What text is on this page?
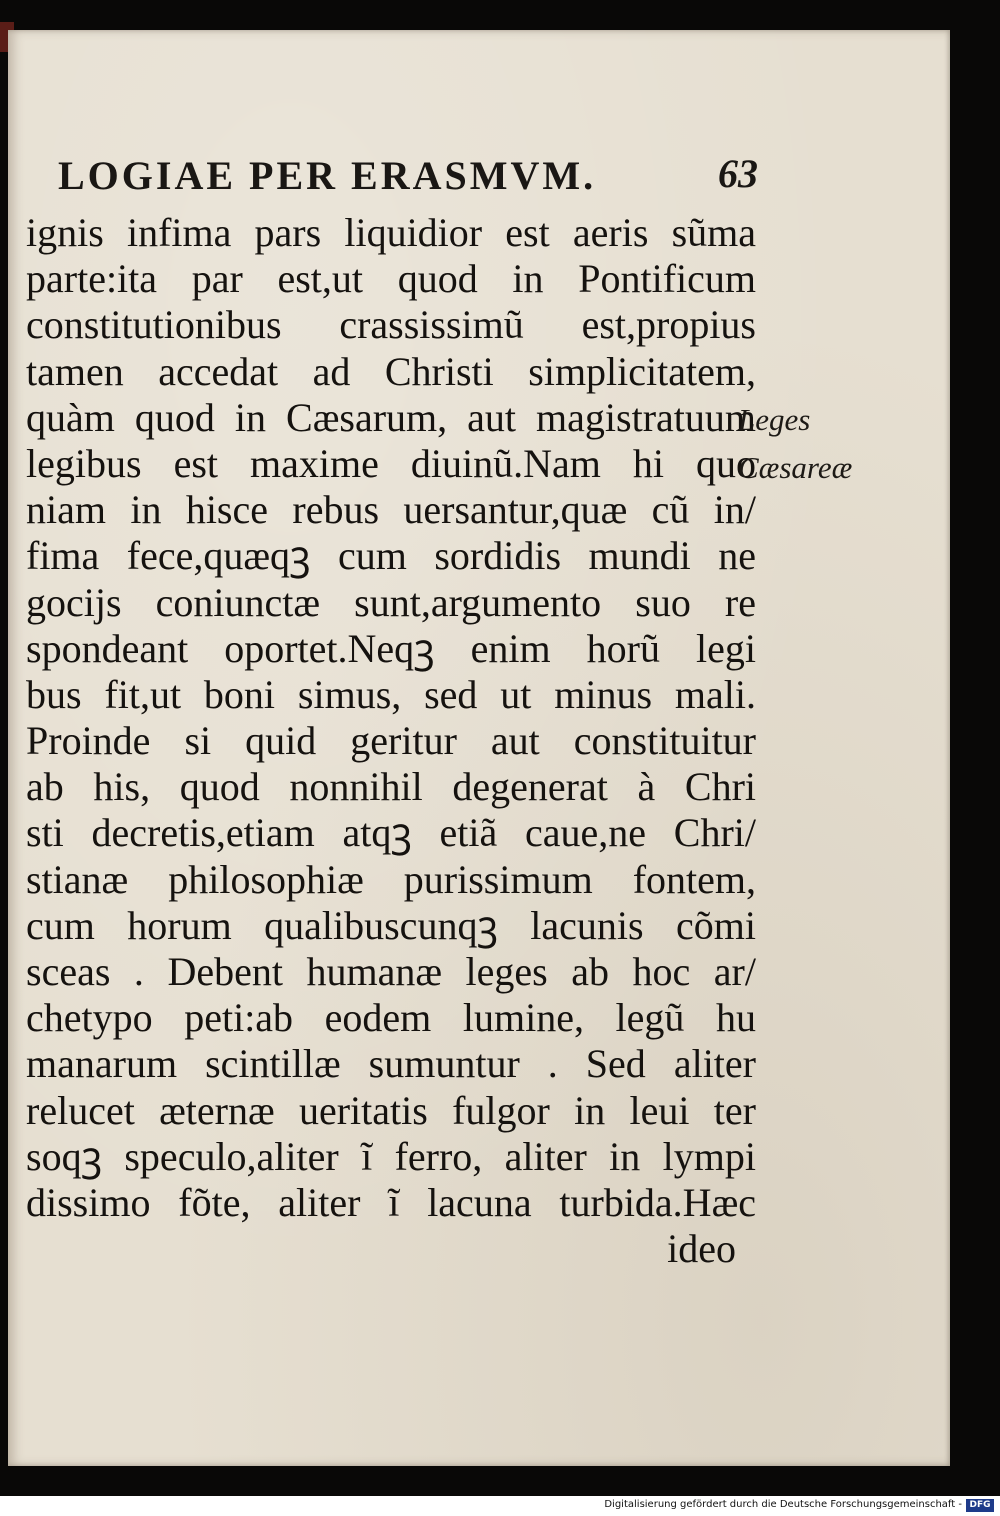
LOGIAE PER ERASMVM.	63
ignis infima pars liquidior est aeris sũma
parte:ita par est,ut quod in Pontificum
constitutionibus crassissimũ est,propius
tamen accedat ad Christi simplicitatem,
quàm quod in Cæsarum, aut magistratuum
legibus est maxime diuinũ.Nam hi quo
niam in hisce rebus uersantur,quæ cũ in/
fima fece,quæqꝫ cum sordidis mundi ne
gocijs coniunctæ sunt,argumento suo re
spondeant oportet.Neqꝫ enim horũ legi
bus fit,ut boni simus, sed ut minus mali.
Proinde si quid geritur aut constituitur
ab his, quod nonnihil degenerat à Chri
sti decretis,etiam atqꝫ etiã caue,ne Chri/
stianæ philosophiæ purissimum fontem,
cum horum qualibuscunqꝫ lacunis cõmi
sceas . Debent humanæ leges ab hoc ar/
chetypo peti:ab eodem lumine, legũ hu
manarum scintillæ sumuntur . Sed aliter
relucet æternæ ueritatis fulgor in leui ter
soqꝫ speculo,aliter ĩ ferro, aliter in lympi
dissimo fõte, aliter ĩ lacuna turbida.Hæc
ideo
Leges
Cæsareæ
Digitalisierung gefördert durch die Deutsche Forschungsgemeinschaft - DFG
